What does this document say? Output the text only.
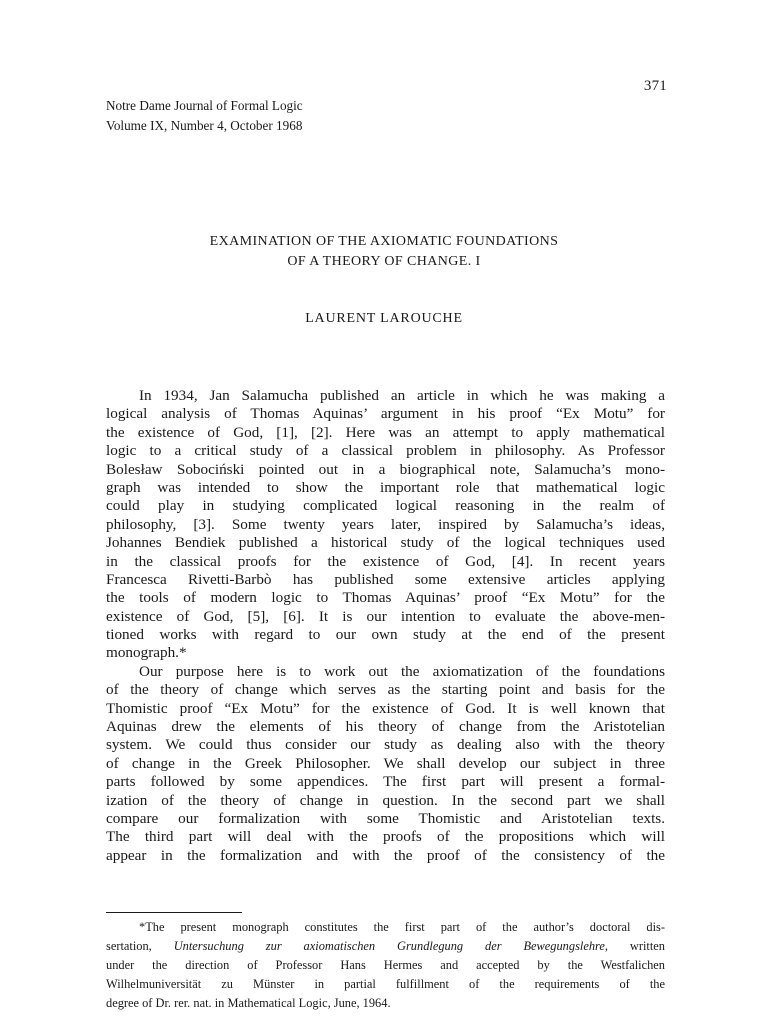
371
Notre Dame Journal of Formal Logic
Volume IX, Number 4, October 1968
EXAMINATION OF THE AXIOMATIC FOUNDATIONS
OF A THEORY OF CHANGE. I
LAURENT LAROUCHE
In 1934, Jan Salamucha published an article in which he was making a
logical analysis of Thomas Aquinas’ argument in his proof “Ex Motu” for
the existence of God, [1], [2]. Here was an attempt to apply mathematical
logic to a critical study of a classical problem in philosophy. As Professor
Bolesław Sobociński pointed out in a biographical note, Salamucha’s mono-
graph was intended to show the important role that mathematical logic
could play in studying complicated logical reasoning in the realm of
philosophy, [3]. Some twenty years later, inspired by Salamucha’s ideas,
Johannes Bendiek published a historical study of the logical techniques used
in the classical proofs for the existence of God, [4]. In recent years
Francesca Rivetti-Barbò has published some extensive articles applying
the tools of modern logic to Thomas Aquinas’ proof “Ex Motu” for the
existence of God, [5], [6]. It is our intention to evaluate the above-men-
tioned works with regard to our own study at the end of the present
monograph.*
Our purpose here is to work out the axiomatization of the foundations
of the theory of change which serves as the starting point and basis for the
Thomistic proof “Ex Motu” for the existence of God. It is well known that
Aquinas drew the elements of his theory of change from the Aristotelian
system. We could thus consider our study as dealing also with the theory
of change in the Greek Philosopher. We shall develop our subject in three
parts followed by some appendices. The first part will present a formal-
ization of the theory of change in question. In the second part we shall
compare our formalization with some Thomistic and Aristotelian texts.
The third part will deal with the proofs of the propositions which will
appear in the formalization and with the proof of the consistency of the
*The present monograph constitutes the first part of the author’s doctoral dis-
sertation, Untersuchung zur axiomatischen Grundlegung der Bewegungslehre, written
under the direction of Professor Hans Hermes and accepted by the Westfalichen
Wilhelmuniversität zu Münster in partial fulfillment of the requirements of the
degree of Dr. rer. nat. in Mathematical Logic, June, 1964.
